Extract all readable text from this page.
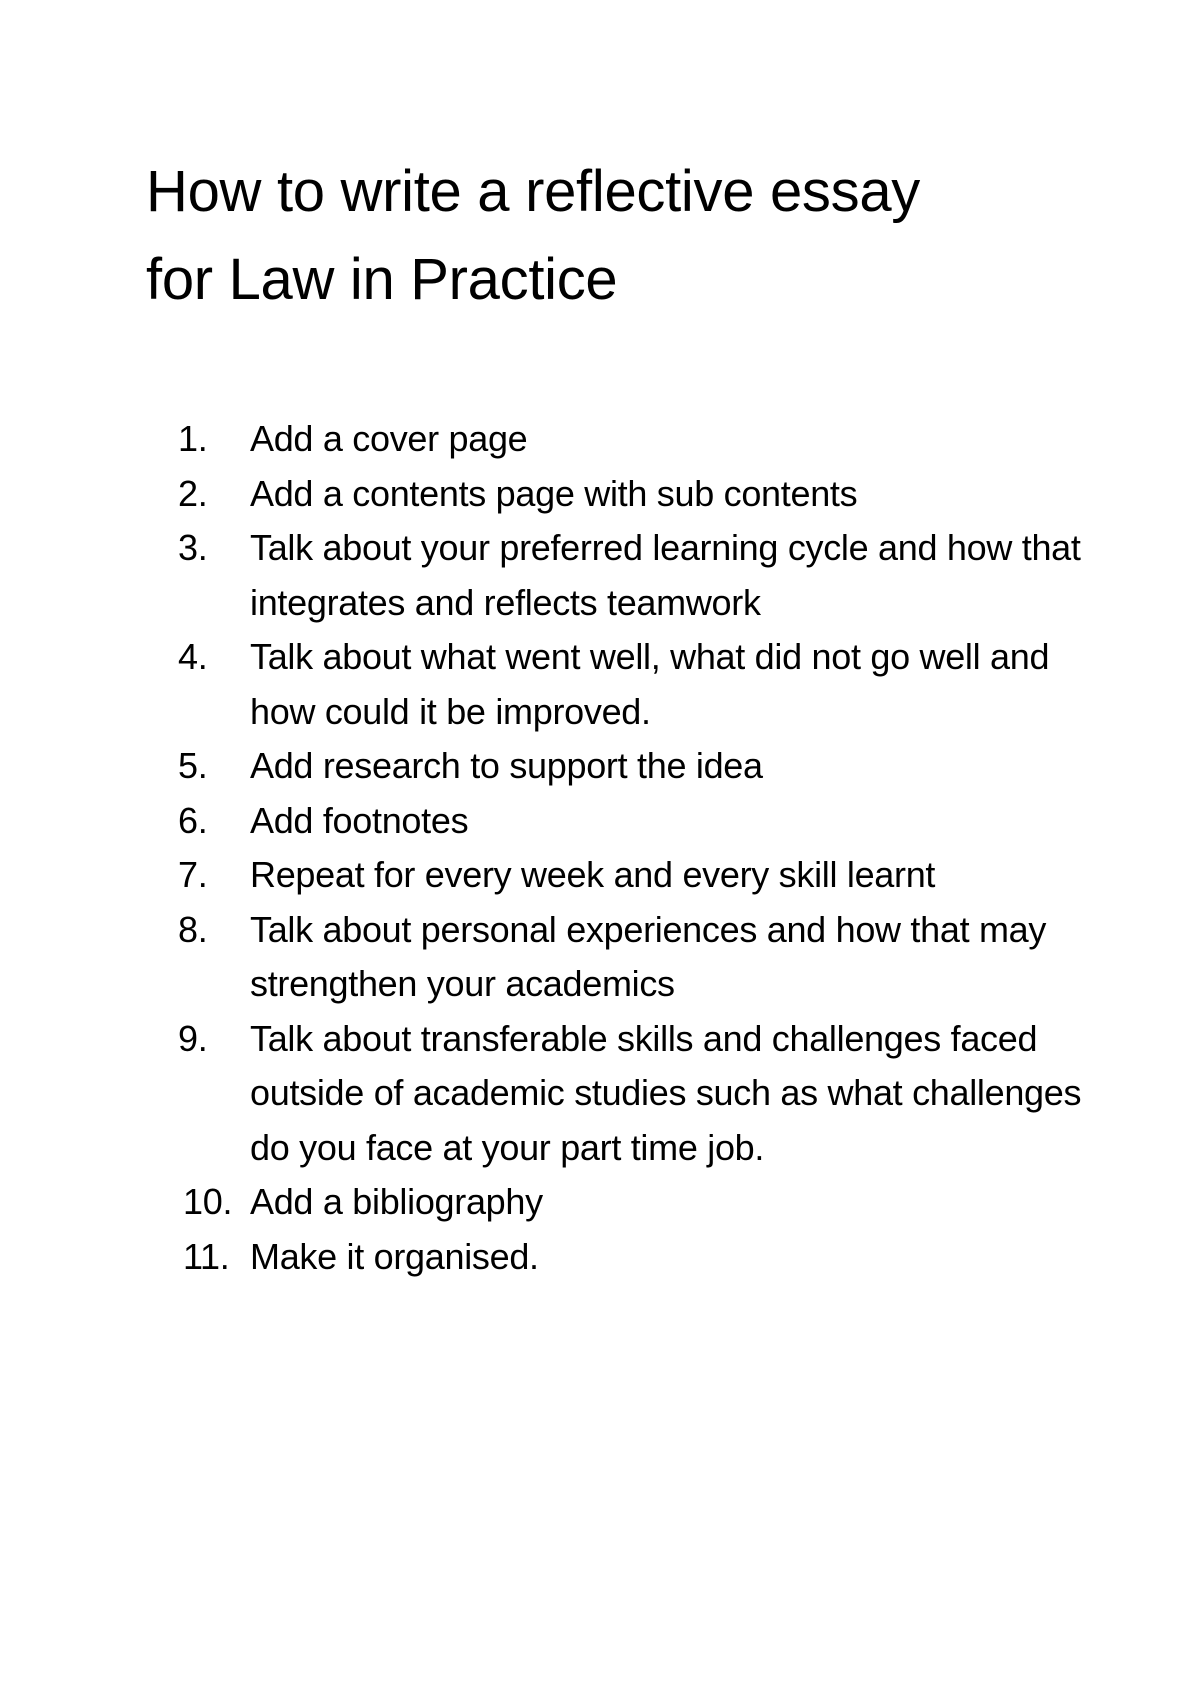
How to write a reflective essay
for Law in Practice
1.	Add a cover page
2.	Add a contents page with sub contents
3.	Talk about your preferred learning cycle and how that integrates and reflects teamwork
4.	Talk about what went well, what did not go well and how could it be improved.
5.	Add research to support the idea
6.	Add footnotes
7.	Repeat for every week and every skill learnt
8.	Talk about personal experiences and how that may strengthen your academics
9.	Talk about transferable skills and challenges faced outside of academic studies such as what challenges do you face at your part time job.
10. Add a bibliography
11. Make it organised.
